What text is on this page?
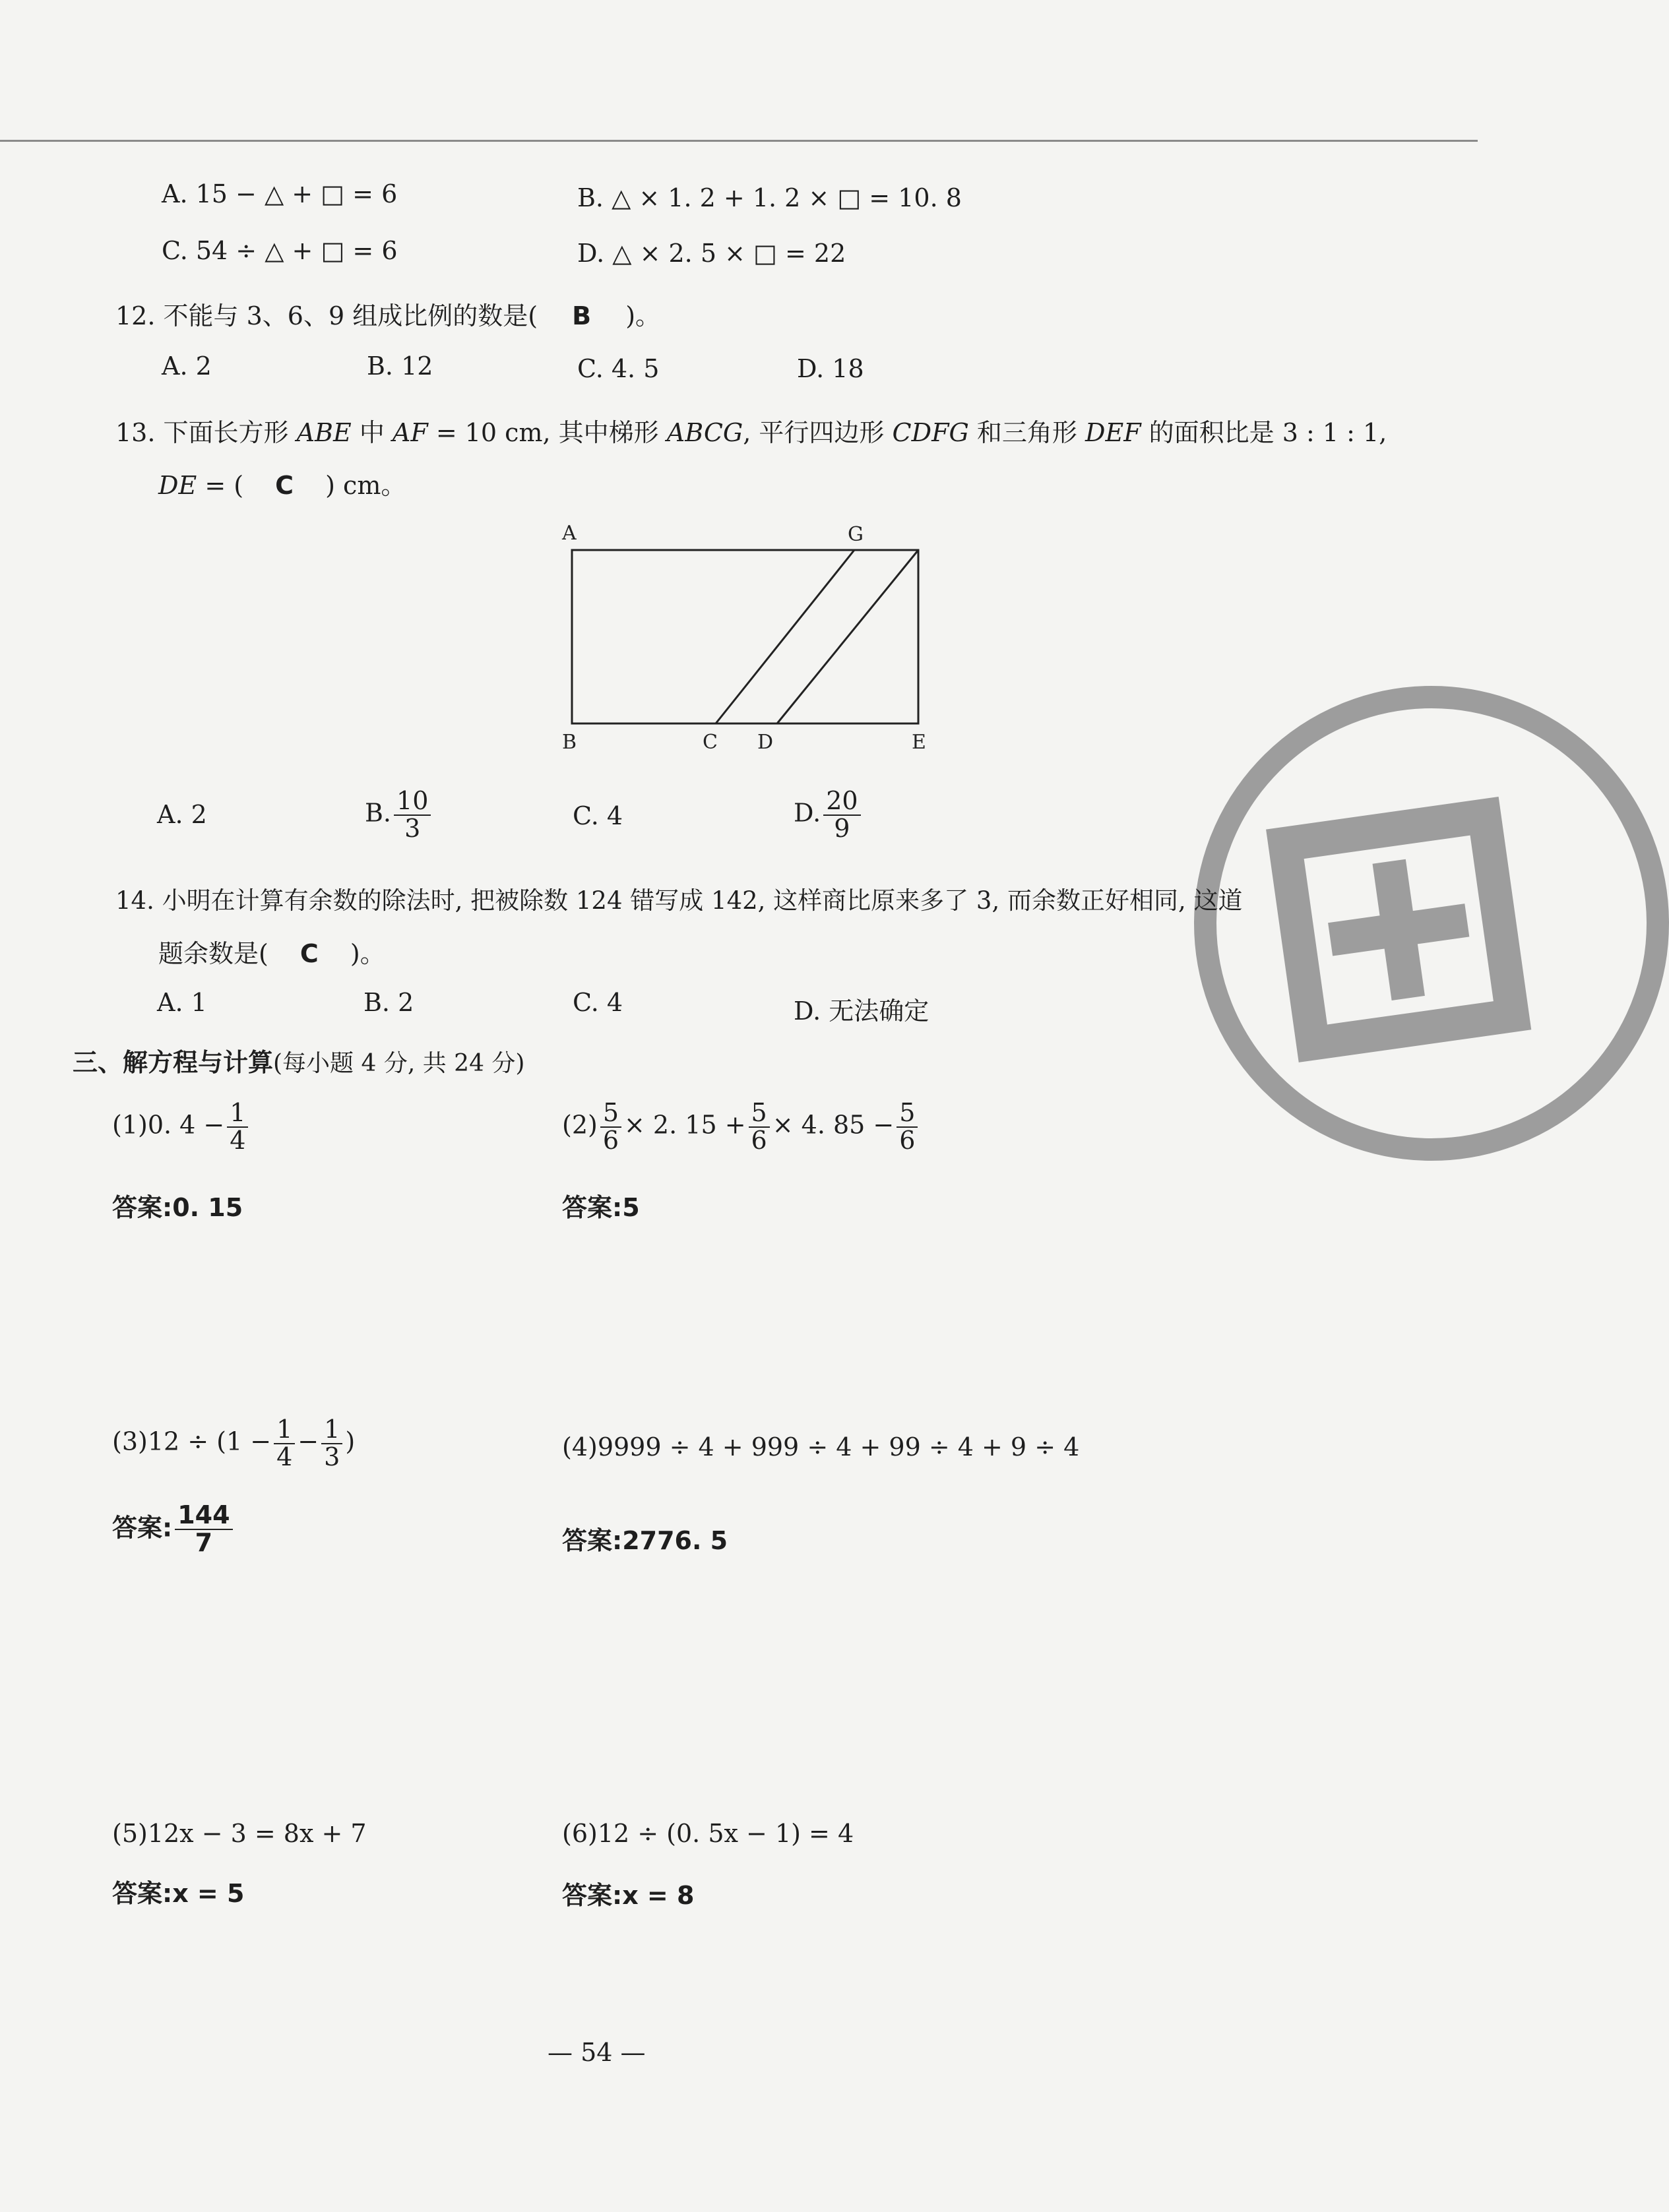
A. 15 − △ + □ = 6	B. △ × 1. 2 + 1. 2 × □ = 10. 8
C. 54 ÷ △ + □ = 6	D. △ × 2. 5 × □ = 22
12. 不能与 3、6、9 组成比例的数是( B )。
A. 2	B. 12	C. 4. 5	D. 18
13. 下面长方形 ABE 中 AF = 10 cm, 其中梯形 ABCG, 平行四边形 CDFG 和三角形 DEF 的面积比是 3 : 1 : 1,
DE = ( C ) cm。
A	G
B	C D	E
A. 2	B. $\frac{10}{3}$	C. 4	D. $\frac{20}{9}$ ⊞
14. 小明在计算有余数的除法时, 把被除数 124 错写成 142, 这样商比原来多了 3, 而余数正好相同, 这道
题余数是( C )。
A. 1	B. 2	C. 4	D. 无法确定
三、解方程与计算(每小题 4 分, 共 24 分)
(1)0. $4 - \frac{1}{4}$
答案:0. 15
$(2) \frac{5}{6} \times 2$. $15 + \frac{5}{6} \times 4$. $85 - \frac{5}{6}$
答案:5
$(3)12 \div (1 - \frac{1}{4} - \frac{1}{3}$ )
答案: $\frac{144}{7}$
(4)9999 ÷ 4 + 999 ÷ 4 + 99 ÷ 4 + 9 ÷ 4
答案:2776. 5
(5)12x − 3 = 8x + 7
答案:x = 5
(6)12 ÷ (0. 5x − 1) = 4
答案:x = 8
— 54 —
